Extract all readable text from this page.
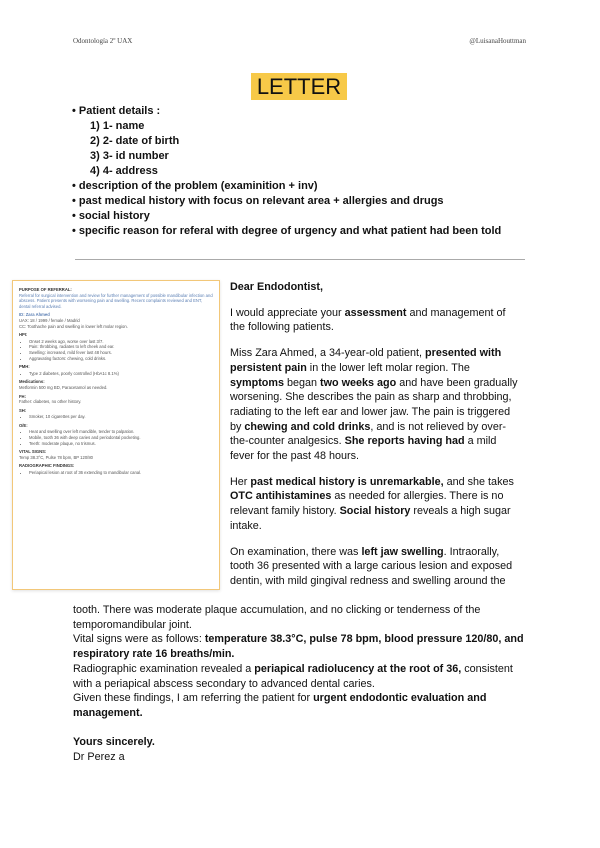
Odontología 2º UAX	@LuisanaHouttman
LETTER
• Patient details :
1) 1- name
2) 2- date of birth
3) 3- id number
4) 4- address
• description of the problem (examinition + inv)
• past medical history with focus on relevant area + allergies and drugs
• social history
• specific reason for referal with degree of urgency and what patient had been told
PURPOSE OF REFERRAL:
Referral for surgical intervention and review for further management of possible mandibular infection and abscess. Patient presents with worsening pain and swelling. Recent complaints reviewed and ENT, dental referral advised.
ID: Zara Ahmed
UAX: 18 / 1999 / female / Madrid
CC: Toothache pain and swelling in lower left molar region.
HPI:
• Onset 2 weeks ago, worse over last 3/7.
• Pain: throbbing, radiates to left cheek and ear.
• Swelling: increased, mild fever last 48 hours.
• Aggravating factors: chewing, cold drinks.
PMH:
• Type 2 diabetes, poorly controlled (HbA1c 8.1%)
Medications:
Metformin 500 mg BD, Paracetamol as needed.
FH:
Father: diabetes, no other history.
SH:
• Smoker, 10 cigarettes per day.
O/E:
• Heat and swelling over left mandible, tender to palpation.
• Mobile, tooth 36 with deep caries and periodontal pocketing.
• Teeth: moderate plaque, no trismus.
VITAL SIGNS:
Temp 38.3°C, Pulse 78 bpm, BP 120/80
RADIOGRAPHIC FINDINGS:
• Periapical lesion at root of 36 extending to mandibular canal.

Dear Endodontist,

I would appreciate your assessment and management of the following patients.

Miss Zara Ahmed, a 34-year-old patient, presented with persistent pain in the lower left molar region. The symptoms began two weeks ago and have been gradually worsening. She describes the pain as sharp and throbbing, radiating to the left ear and lower jaw. The pain is triggered by chewing and cold drinks, and is not relieved by over-the-counter analgesics. She reports having had a mild fever for the past 48 hours.

Her past medical history is unremarkable, and she takes OTC antihistamines as needed for allergies. There is no relevant family history. Social history reveals a high sugar intake.

On examination, there was left jaw swelling. Intraorally, tooth 36 presented with a large carious lesion and exposed dentin, with mild gingival redness and swelling around the

tooth. There was moderate plaque accumulation, and no clicking or tenderness of the temporomandibular joint.

Vital signs were as follows: temperature 38.3°C, pulse 78 bpm, blood pressure 120/80, and respiratory rate 16 breaths/min.

Radiographic examination revealed a periapical radiolucency at the root of 36, consistent with a periapical abscess secondary to advanced dental caries.

Given these findings, I am referring the patient for urgent endodontic evaluation and management.

Yours sincerely.
Dr Perez a
